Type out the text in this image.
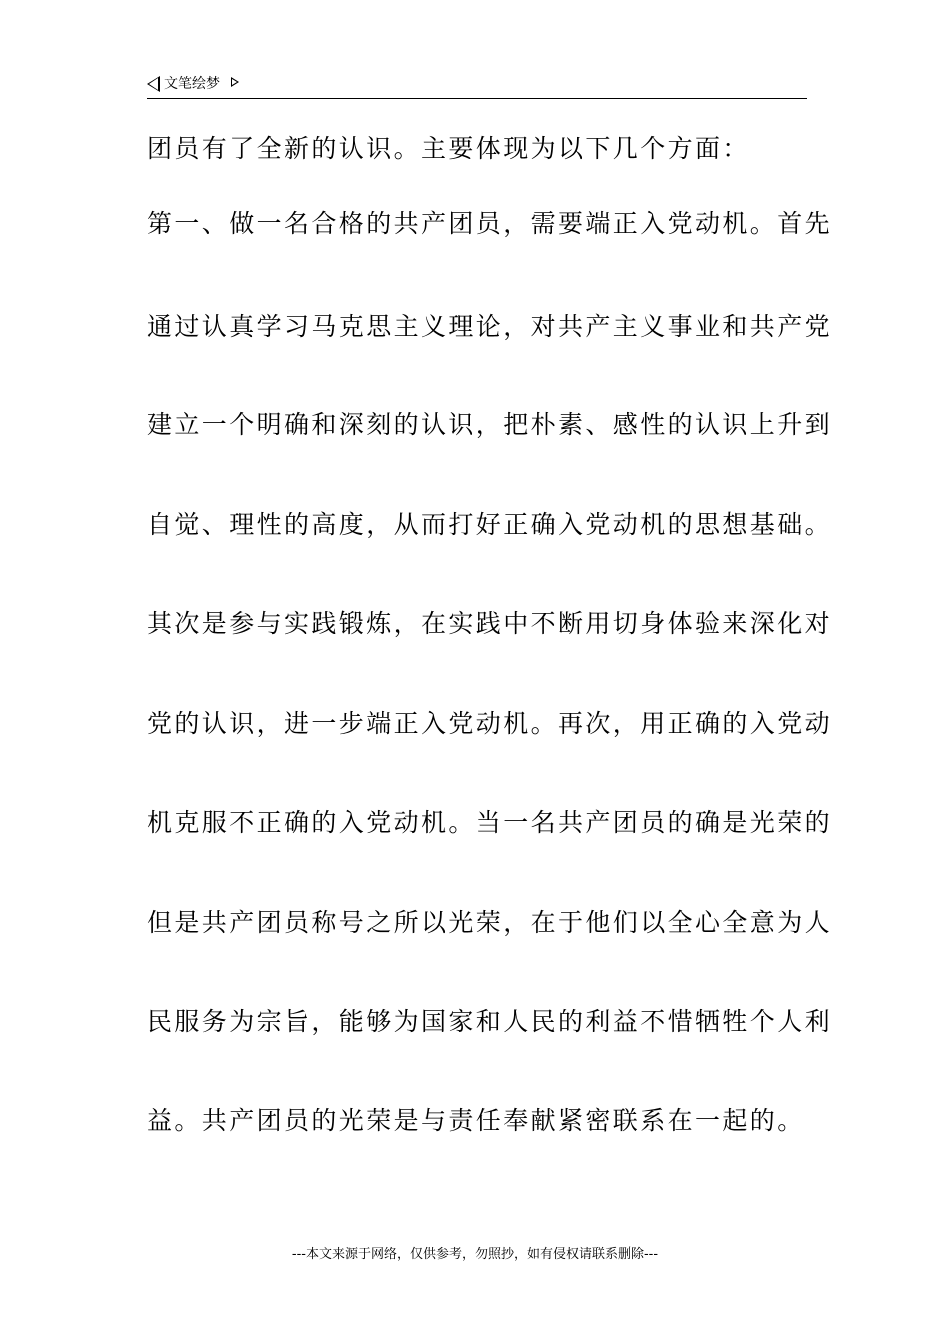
文笔绘梦
团员有了全新的认识。主要体现为以下几个方面：
第一、做一名合格的共产团员，需要端正入党动机。首先
通过认真学习马克思主义理论，对共产主义事业和共产党
建立一个明确和深刻的认识，把朴素、感性的认识上升到
自觉、理性的高度，从而打好正确入党动机的思想基础。
其次是参与实践锻炼，在实践中不断用切身体验来深化对
党的认识，进一步端正入党动机。再次，用正确的入党动
机克服不正确的入党动机。当一名共产团员的确是光荣的
但是共产团员称号之所以光荣，在于他们以全心全意为人
民服务为宗旨，能够为国家和人民的利益不惜牺牲个人利
益。共产团员的光荣是与责任奉献紧密联系在一起的。
---本文来源于网络，仅供参考，勿照抄，如有侵权请联系删除---
